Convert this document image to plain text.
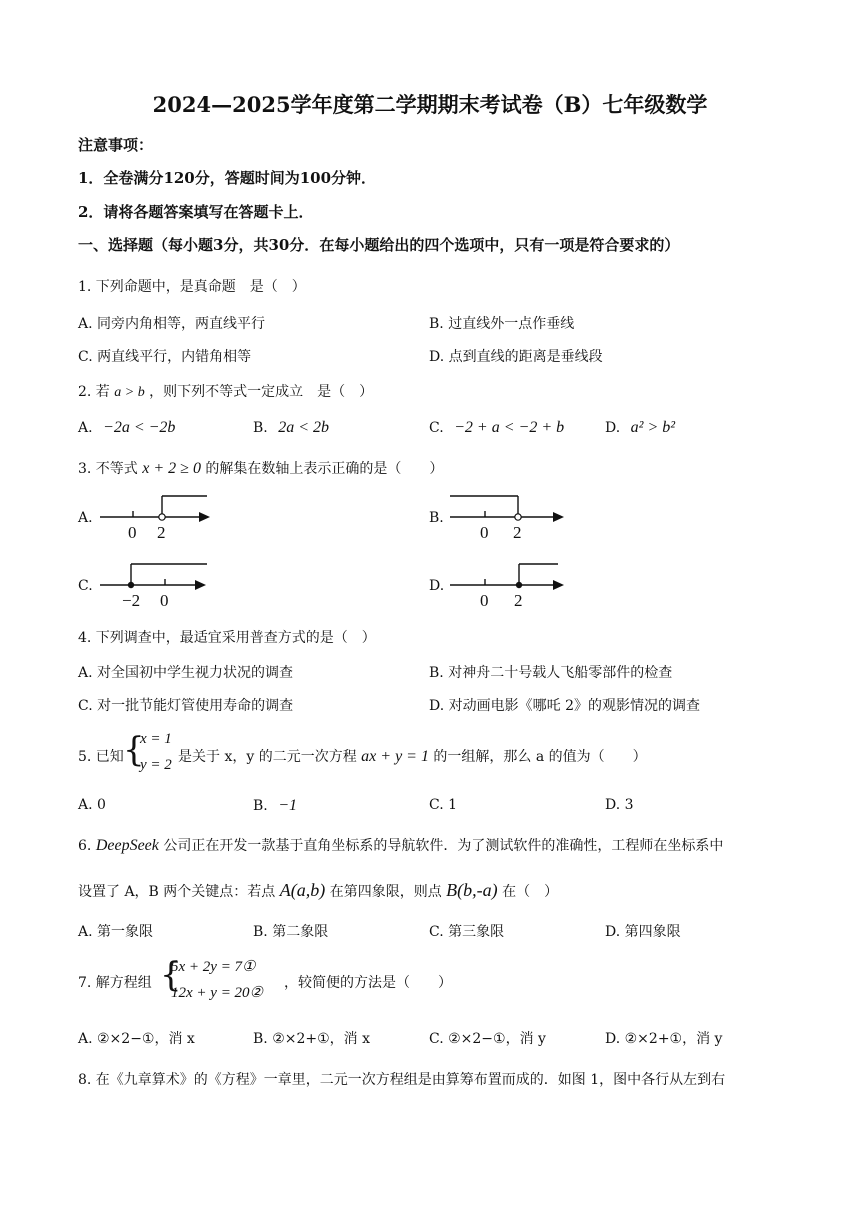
2024—2025学年度第二学期期末考试卷（B）七年级数学
注意事项：
1．全卷满分120分，答题时间为100分钟．
2．请将各题答案填写在答题卡上．
一、选择题（每小题3分，共30分．在每小题给出的四个选项中，只有一项是符合要求的）
1. 下列命题中，是真命题　是（　）
A. 同旁内角相等，两直线平行	B. 过直线外一点作垂线
C. 两直线平行，内错角相等	D. 点到直线的距离是垂线段
2. 若 a > b ，则下列不等式一定成立　是（　）
A. −2a < −2b	B. 2a < 2b	C. −2 + a < −2 + b	D. a² > b²
3. 不等式 x + 2 ≥ 0 的解集在数轴上表示正确的是（　　）
A.
0 2
B.
0 2
C.
−2 0
D.
0 2
4. 下列调查中，最适宜采用普查方式的是（　）
A. 对全国初中学生视力状况的调查	B. 对神舟二十号载人飞船零部件的检查
C. 对一批节能灯管使用寿命的调查	D. 对动画电影《哪吒 2》的观影情况的调查
5. 已知 {
x = 1
y = 2 是关于 x，y 的二元一次方程 ax + y = 1 的一组解，那么 a 的值为（　　）
A. 0	B. −1	C. 1	D. 3
6. DeepSeek 公司正在开发一款基于直角坐标系的导航软件．为了测试软件的准确性，工程师在坐标系中
设置了 A，B 两个关键点：若点 A(a,b) 在第四象限，则点 B(b,-a) 在（　）
A. 第一象限	B. 第二象限	C. 第三象限	D. 第四象限
7. 解方程组 {
5x + 2y = 7①
12x + y = 20②
，较简便的方法是（　　）
A. ②×2−①，消 x	B. ②×2+①，消 x	C. ②×2−①，消 y	D. ②×2+①，消 y
8. 在《九章算术》的《方程》一章里，二元一次方程组是由算筹布置而成的．如图 1，图中各行从左到右
